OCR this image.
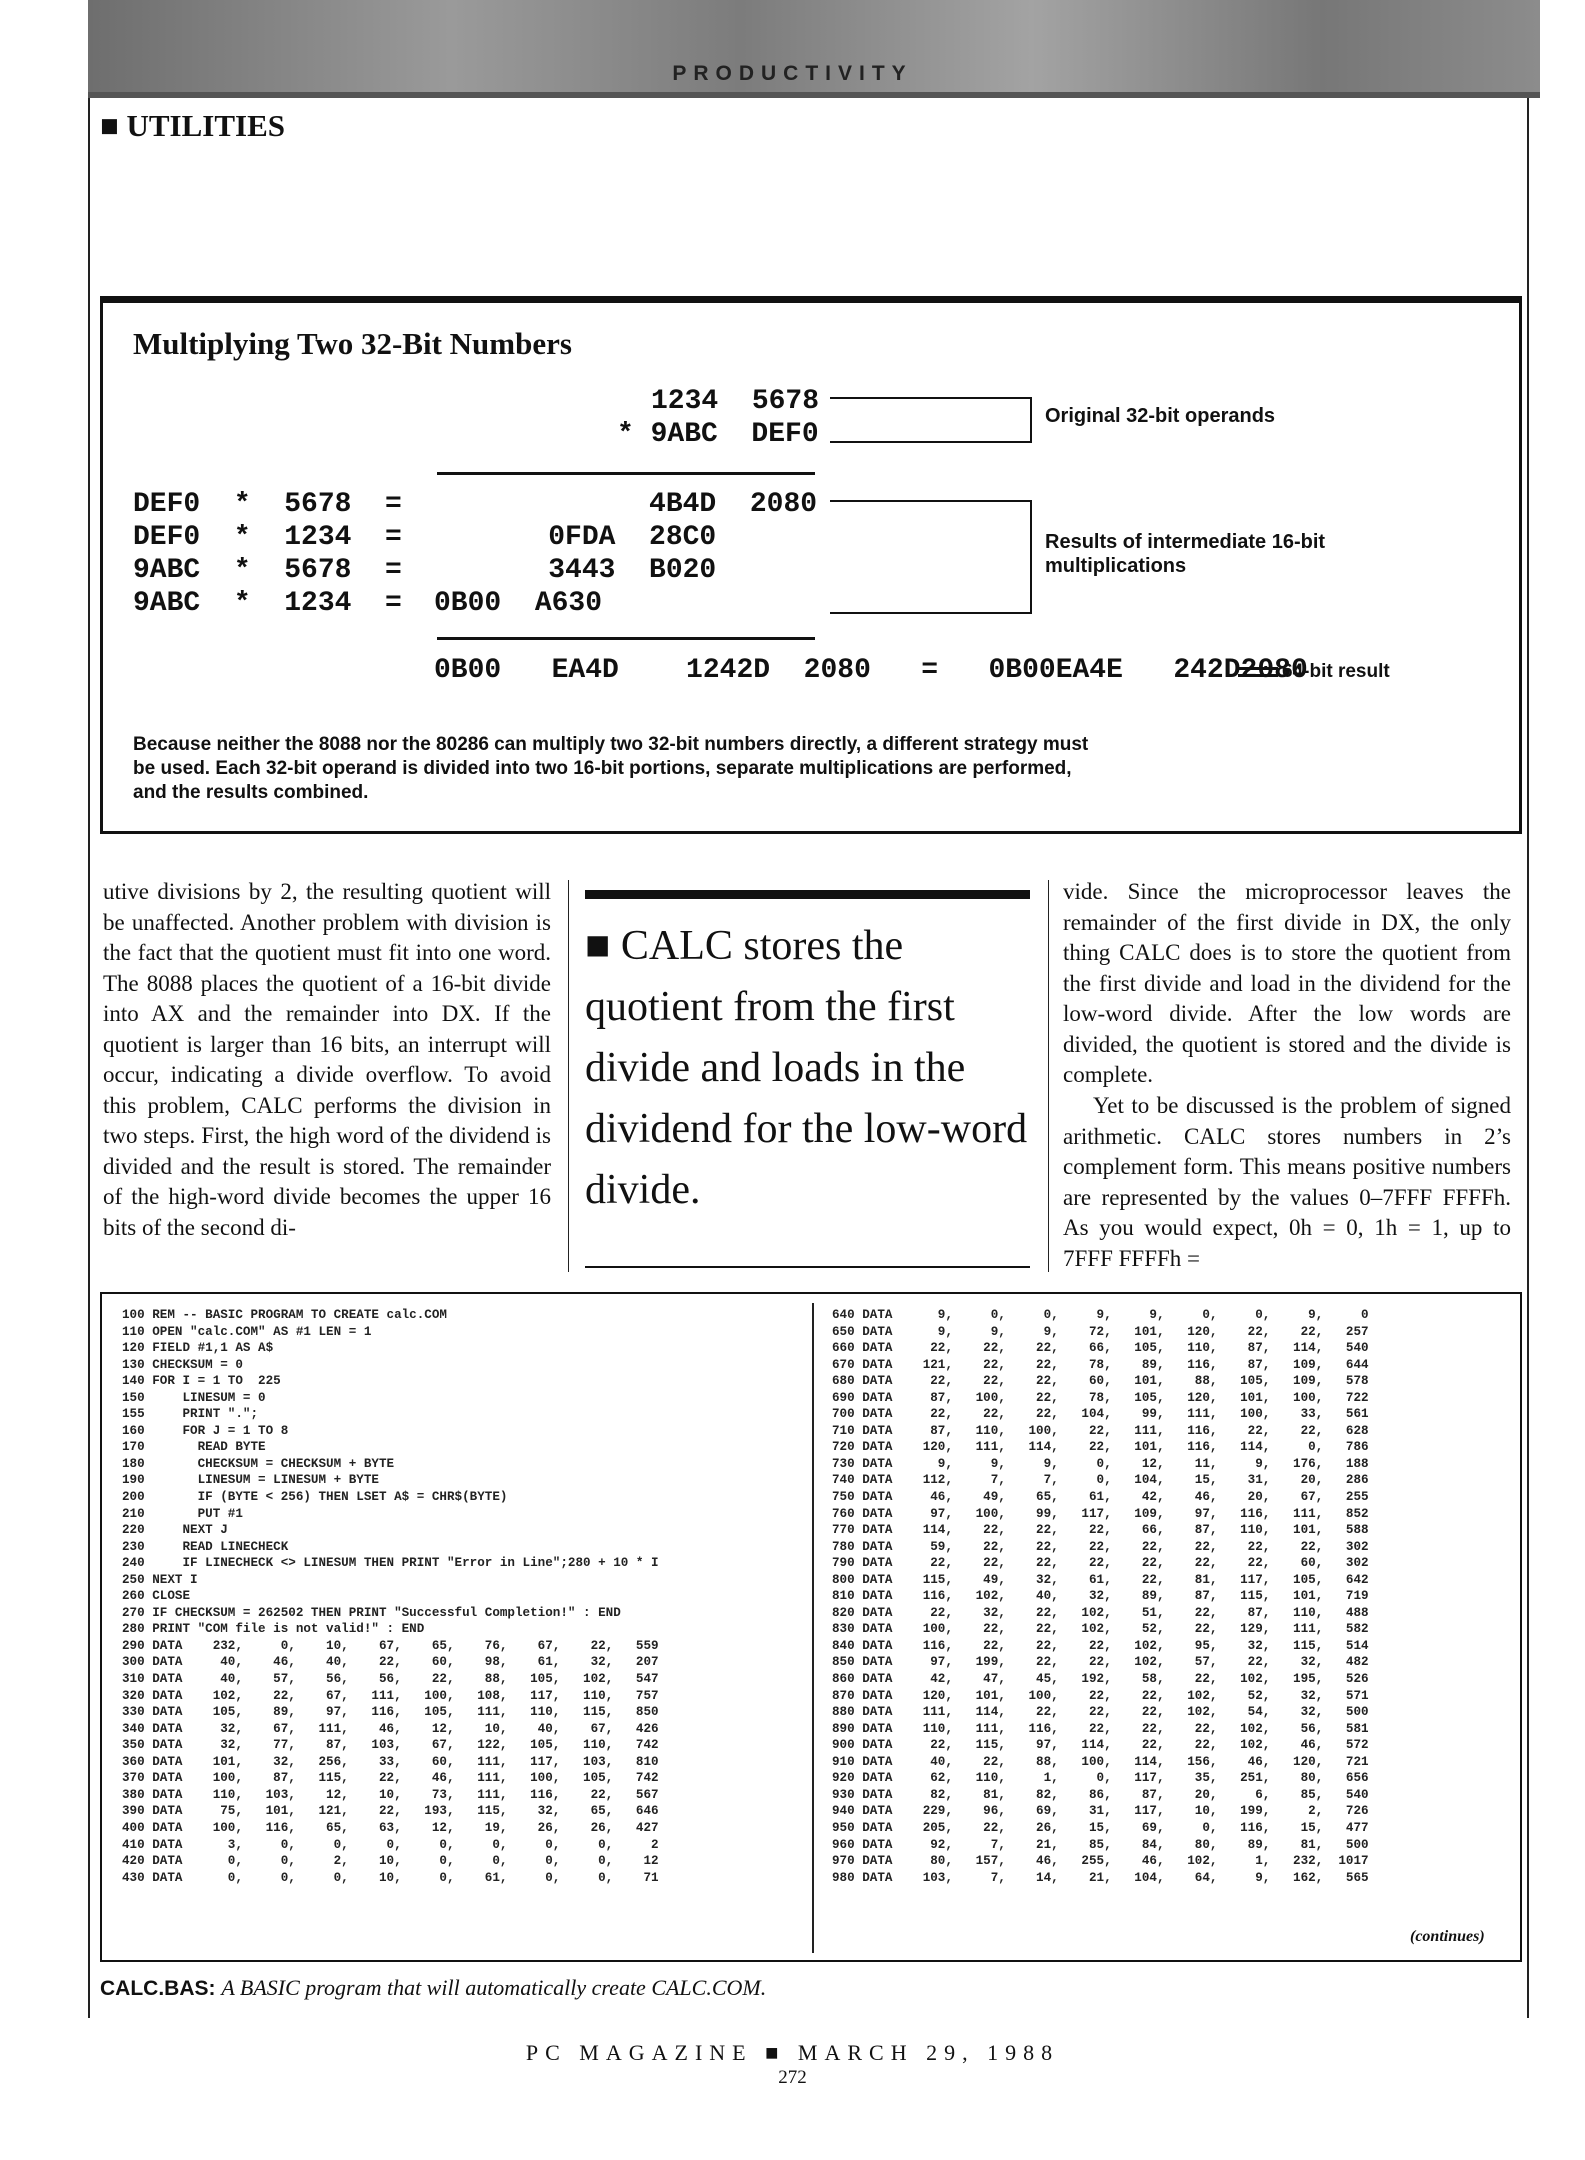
PRODUCTIVITY
■ UTILITIES
Multiplying Two 32-Bit Numbers
1234  5678
* 9ABC  DEF0
DEF0  *  5678  =	4B4D  2080
DEF0  *  1234  =	0FDA  28C0
9ABC  *  5678  =	3443  B020
9ABC  *  1234  = 0B00  A630
0B00   EA4D    1242D  2080   =   0B00EA4E   242D2080
Original 32-bit operands
Results of intermediate 16-bit multiplications
64-bit result
Because neither the 8088 nor the 80286 can multiply two 32-bit numbers directly, a different strategy must be used. Each 32-bit operand is divided into two 16-bit portions, separate multiplications are performed, and the results combined.
utive divisions by 2, the resulting quotient will be unaffected. Another problem with division is the fact that the quotient must fit into one word. The 8088 places the quotient of a 16-bit divide into AX and the remainder into DX. If the quotient is larger than 16 bits, an interrupt will occur, indicating a divide overflow. To avoid this problem, CALC performs the division in two steps. First, the high word of the dividend is divided and the result is stored. The remainder of the high-word divide becomes the upper 16 bits of the second di-
■ CALC stores the quotient from the first divide and loads in the dividend for the low-word divide.
vide. Since the microprocessor leaves the remainder of the first divide in DX, the only thing CALC does is to store the quotient from the first divide and load in the dividend for the low-word divide. After the low words are divided, the quotient is stored and the divide is complete.
Yet to be discussed is the problem of signed arithmetic. CALC stores numbers in 2’s complement form. This means positive numbers are represented by the values 0–7FFF FFFFh. As you would expect, 0h = 0, 1h = 1, up to 7FFF FFFFh =
100 REM -- BASIC PROGRAM TO CREATE calc.COM
110 OPEN "calc.COM" AS #1 LEN = 1
120 FIELD #1,1 AS A$
130 CHECKSUM = 0
140 FOR I = 1 TO  225
150     LINESUM = 0
155     PRINT ".";
160     FOR J = 1 TO 8
170       READ BYTE
180       CHECKSUM = CHECKSUM + BYTE
190       LINESUM = LINESUM + BYTE
200       IF (BYTE < 256) THEN LSET A$ = CHR$(BYTE)
210       PUT #1
220     NEXT J
230     READ LINECHECK
240     IF LINECHECK <> LINESUM THEN PRINT "Error in Line";280 + 10 * I
250 NEXT I
260 CLOSE
270 IF CHECKSUM = 262502 THEN PRINT "Successful Completion!" : END
280 PRINT "COM file is not valid!" : END
290 DATA    232,     0,    10,    67,    65,    76,    67,    22,   559
300 DATA     40,    46,    40,    22,    60,    98,    61,    32,   207
310 DATA     40,    57,    56,    56,    22,    88,   105,   102,   547
320 DATA    102,    22,    67,   111,   100,   108,   117,   110,   757
330 DATA    105,    89,    97,   116,   105,   111,   110,   115,   850
340 DATA     32,    67,   111,    46,    12,    10,    40,    67,   426
350 DATA     32,    77,    87,   103,    67,   122,   105,   110,   742
360 DATA    101,    32,   256,    33,    60,   111,   117,   103,   810
370 DATA    100,    87,   115,    22,    46,   111,   100,   105,   742
380 DATA    110,   103,    12,    10,    73,   111,   116,    22,   567
390 DATA     75,   101,   121,    22,   193,   115,    32,    65,   646
400 DATA    100,   116,    65,    63,    12,    19,    26,    26,   427
410 DATA      3,     0,     0,     0,     0,     0,     0,     0,     2
420 DATA      0,     0,     2,    10,     0,     0,     0,     0,    12
430 DATA      0,     0,     0,    10,     0,    61,     0,     0,    71
640 DATA      9,     0,     0,     9,     9,     0,     0,     9,     0
650 DATA      9,     9,     9,    72,   101,   120,    22,    22,   257
660 DATA     22,    22,    22,    66,   105,   110,    87,   114,   540
670 DATA    121,    22,    22,    78,    89,   116,    87,   109,   644
680 DATA     22,    22,    22,    60,   101,    88,   105,   109,   578
690 DATA     87,   100,    22,    78,   105,   120,   101,   100,   722
700 DATA     22,    22,    22,   104,    99,   111,   100,    33,   561
710 DATA     87,   110,   100,    22,   111,   116,    22,    22,   628
720 DATA    120,   111,   114,    22,   101,   116,   114,     0,   786
730 DATA      9,     9,     9,     0,    12,    11,     9,   176,   188
740 DATA    112,     7,     7,     0,   104,    15,    31,    20,   286
750 DATA     46,    49,    65,    61,    42,    46,    20,    67,   255
760 DATA     97,   100,    99,   117,   109,    97,   116,   111,   852
770 DATA    114,    22,    22,    22,    66,    87,   110,   101,   588
780 DATA     59,    22,    22,    22,    22,    22,    22,    22,   302
790 DATA     22,    22,    22,    22,    22,    22,    22,    60,   302
800 DATA    115,    49,    32,    61,    22,    81,   117,   105,   642
810 DATA    116,   102,    40,    32,    89,    87,   115,   101,   719
820 DATA     22,    32,    22,   102,    51,    22,    87,   110,   488
830 DATA    100,    22,    22,   102,    52,    22,   129,   111,   582
840 DATA    116,    22,    22,    22,   102,    95,    32,   115,   514
850 DATA     97,   199,    22,    22,   102,    57,    22,    32,   482
860 DATA     42,    47,    45,   192,    58,    22,   102,   195,   526
870 DATA    120,   101,   100,    22,    22,   102,    52,    32,   571
880 DATA    111,   114,    22,    22,    22,   102,    54,    32,   500
890 DATA    110,   111,   116,    22,    22,    22,   102,    56,   581
900 DATA     22,   115,    97,   114,    22,    22,   102,    46,   572
910 DATA     40,    22,    88,   100,   114,   156,    46,   120,   721
920 DATA     62,   110,     1,     0,   117,    35,   251,    80,   656
930 DATA     82,    81,    82,    86,    87,    20,     6,    85,   540
940 DATA    229,    96,    69,    31,   117,    10,   199,     2,   726
950 DATA    205,    22,    26,    15,    69,     0,   116,    15,   477
960 DATA     92,     7,    21,    85,    84,    80,    89,    81,   500
970 DATA     80,   157,    46,   255,    46,   102,     1,   232,  1017
980 DATA    103,     7,    14,    21,   104,    64,     9,   162,   565
(continues)
CALC.BAS: A BASIC program that will automatically create CALC.COM.
PC MAGAZINE ■ MARCH 29, 1988
272
